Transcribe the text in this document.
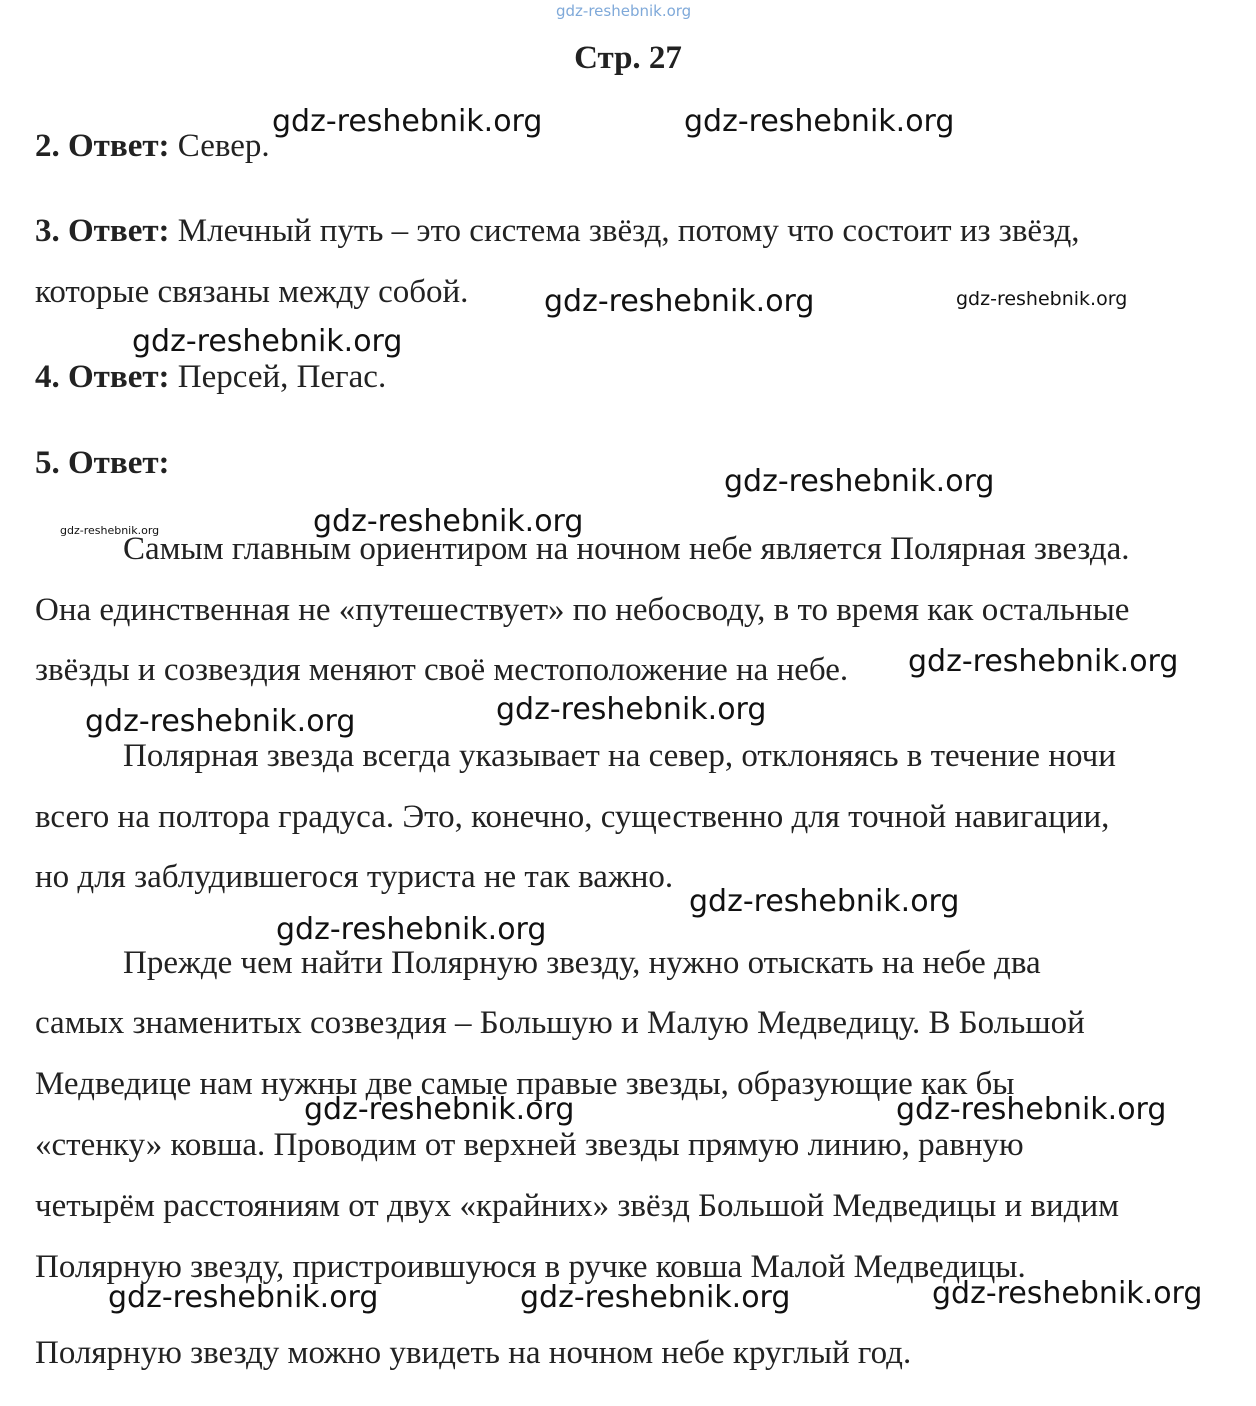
gdz-reshebnik.org
Стр. 27
2. Ответ: Север.
3. Ответ: Млечный путь – это система звёзд, потому что состоит из звёзд,
которые связаны между собой.
4. Ответ: Персей, Пегас.
5. Ответ:
Самым главным ориентиром на ночном небе является Полярная звезда.
Она единственная не «путешествует» по небосводу, в то время как остальные
звёзды и созвездия меняют своё местоположение на небе.
Полярная звезда всегда указывает на север, отклоняясь в течение ночи
всего на полтора градуса. Это, конечно, существенно для точной навигации,
но для заблудившегося туриста не так важно.
Прежде чем найти Полярную звезду, нужно отыскать на небе два
самых знаменитых созвездия – Большую и Малую Медведицу. В Большой
Медведице нам нужны две самые правые звезды, образующие как бы
«стенку» ковша. Проводим от верхней звезды прямую линию, равную
четырём расстояниям от двух «крайних» звёзд Большой Медведицы и видим
Полярную звезду, пристроившуюся в ручке ковша Малой Медведицы.
Полярную звезду можно увидеть на ночном небе круглый год.
gdz-reshebnik.org	gdz-reshebnik.org
gdz-reshebnik.org	gdz-reshebnik.org
gdz-reshebnik.org
gdz-reshebnik.org
gdz-reshebnik.org
gdz-reshebnik.org
gdz-reshebnik.org
gdz-reshebnik.org
gdz-reshebnik.org
gdz-reshebnik.org
gdz-reshebnik.org
gdz-reshebnik.org	gdz-reshebnik.org
gdz-reshebnik.org
gdz-reshebnik.org	gdz-reshebnik.org
